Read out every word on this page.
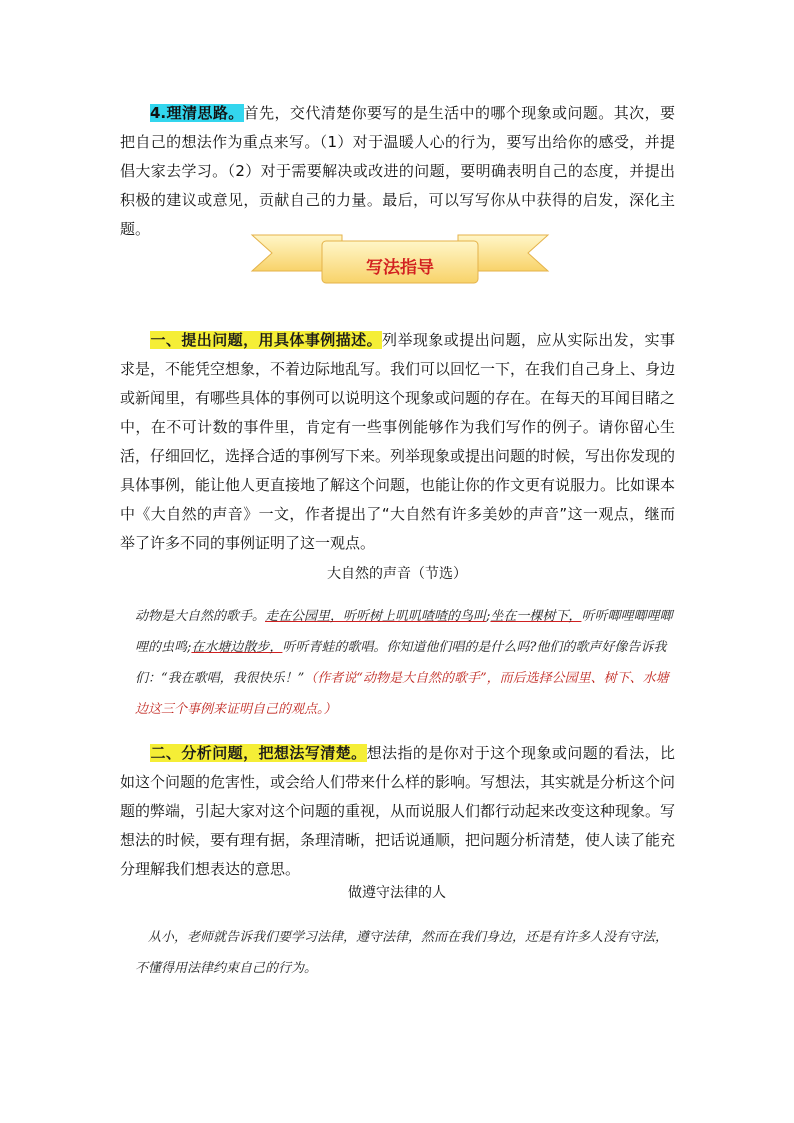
4.理清思路。首先，交代清楚你要写的是生活中的哪个现象或问题。其次，要把自己的想法作为重点来写。（1）对于温暖人心的行为，要写出给你的感受，并提倡大家去学习。（2）对于需要解决或改进的问题，要明确表明自己的态度，并提出积极的建议或意见，贡献自己的力量。最后，可以写写你从中获得的启发，深化主题。
写法指导
一、提出问题，用具体事例描述。列举现象或提出问题，应从实际出发，实事求是，不能凭空想象，不着边际地乱写。我们可以回忆一下，在我们自己身上、身边或新闻里，有哪些具体的事例可以说明这个现象或问题的存在。在每天的耳闻目睹之中，在不可计数的事件里，肯定有一些事例能够作为我们写作的例子。请你留心生活，仔细回忆，选择合适的事例写下来。列举现象或提出问题的时候，写出你发现的具体事例，能让他人更直接地了解这个问题，也能让你的作文更有说服力。比如课本中《大自然的声音》一文，作者提出了“大自然有许多美妙的声音”这一观点，继而举了许多不同的事例证明了这一观点。
大自然的声音（节选）
动物是大自然的歌手。走在公园里，听听树上叽叽喳喳的鸟叫;坐在一棵树下，听听唧哩唧哩唧哩的虫鸣;在水塘边散步，听听青蛙的歌唱。你知道他们唱的是什么吗?他们的歌声好像告诉我们：“我在歌唱，我很快乐！”（作者说“动物是大自然的歌手”，而后选择公园里、树下、水塘边这三个事例来证明自己的观点。）
二、分析问题，把想法写清楚。想法指的是你对于这个现象或问题的看法，比如这个问题的危害性，或会给人们带来什么样的影响。写想法，其实就是分析这个问题的弊端，引起大家对这个问题的重视，从而说服人们都行动起来改变这种现象。写想法的时候，要有理有据，条理清晰，把话说通顺，把问题分析清楚，使人读了能充分理解我们想表达的意思。
做遵守法律的人
从小，老师就告诉我们要学习法律，遵守法律，然而在我们身边，还是有许多人没有守法，不懂得用法律约束自己的行为。
